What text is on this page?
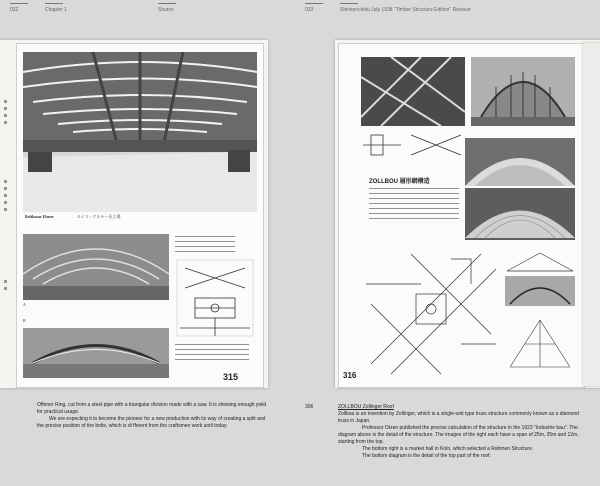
032	Chapter 1	Source	033	Shinkenchiku July 1938 "Timber Structure Edition" Reissue
Balthasar Elzner	ルイス・ケルナー氏工場
A
B
315
ZOLLBOU 層形網構造
316
Offener Ring, cut from a steel pipe with a triangular division made with a saw. It is showing enough yield for practical usage.
We are expecting it to become the pioneer for a new production with its way of creating a split and the precise position of the bolts, which is di fferent from the craftsmen work until today.
306	ZOLLBOU Zollinger Roof
Zollbau is an invention by Zollinger, which is a single-unit type truss structure commonly known as a diamond truss in Japan.
Professor Otzen published the precise calculation of the structure in the 1923 "Industrie bau". The diagram above is the detail of the structure. The images of the right each have a span of 25m, 25m and 12m, starting from the top.
The bottom right is a market hall in Koln, which selected a Rahmen Structure.
The bottom diagram is the detail of the top part of the roof.
